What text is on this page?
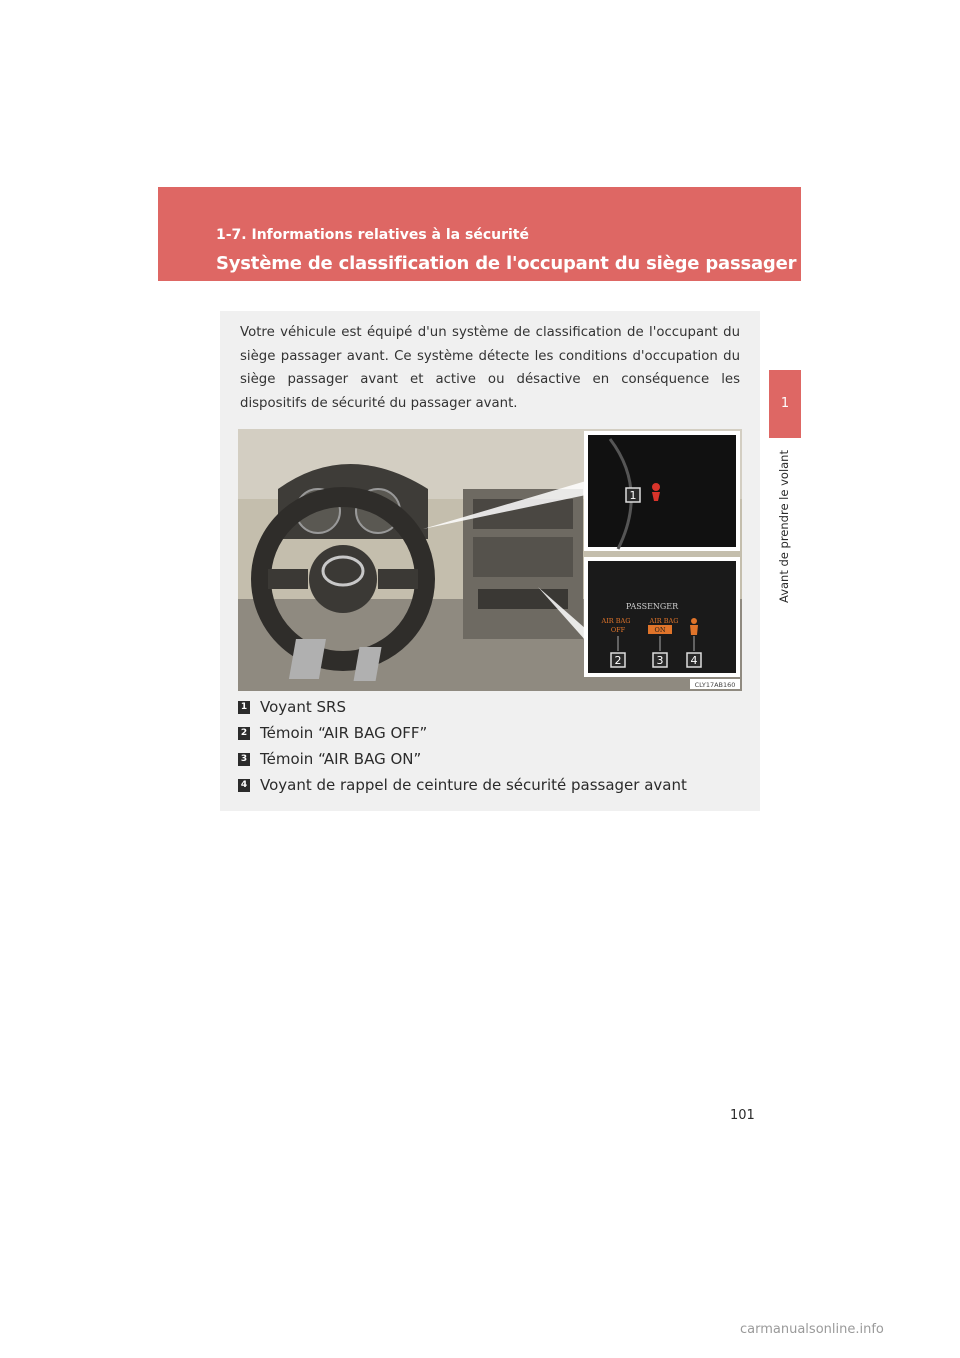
1-7. Informations relatives à la sécurité
Système de classification de l'occupant du siège passager avant
1
Avant de prendre le volant

Votre véhicule est équipé d'un système de classification de l'occupant du siège passager avant. Ce système détecte les conditions d'occupation du siège passager avant et active ou désactive en conséquence les dispositifs de sécurité du passager avant.

1
PASSENGER
AIR BAG
OFF
AIR BAG
ON
2	3 4
CLY17AB160
1 Voyant SRS
2 Témoin “AIR BAG OFF”
3 Témoin “AIR BAG ON”
4 Voyant de rappel de ceinture de sécurité passager avant
101
carmanualsonline.info
